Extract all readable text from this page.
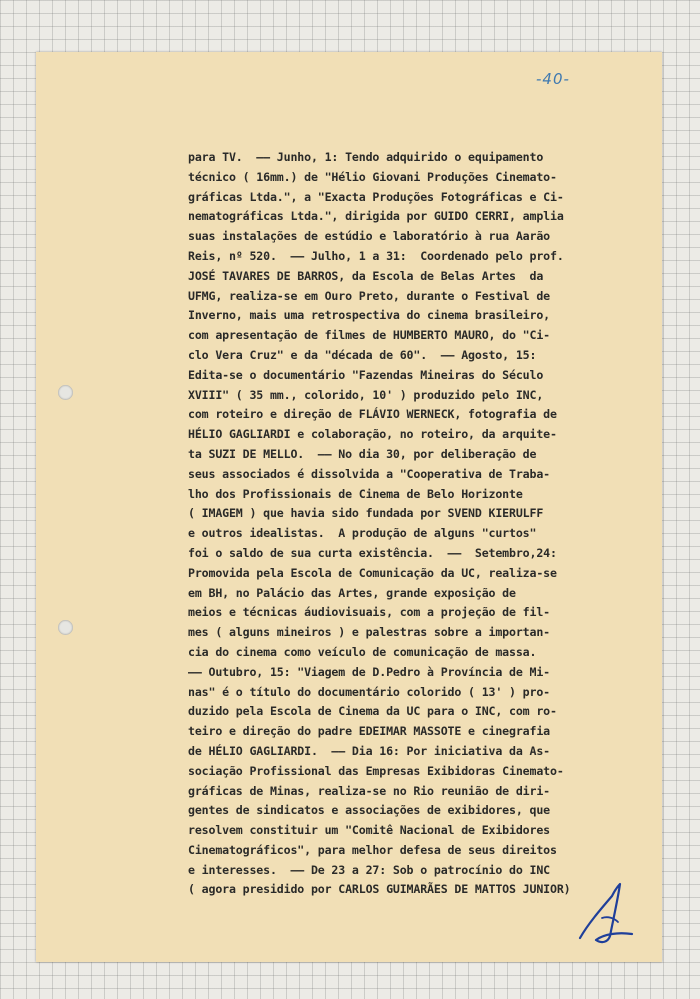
-40-
para TV.  —— Junho, 1: Tendo adquirido o equipamento
técnico ( 16mm.) de "Hélio Giovani Produções Cinemato-
gráficas Ltda.", a "Exacta Produções Fotográficas e Ci-
nematográficas Ltda.", dirigida por GUIDO CERRI, amplia
suas instalações de estúdio e laboratório à rua Aarão
Reis, nº 520.  —— Julho, 1 a 31:  Coordenado pelo prof.
JOSÉ TAVARES DE BARROS, da Escola de Belas Artes  da
UFMG, realiza-se em Ouro Preto, durante o Festival de
Inverno, mais uma retrospectiva do cinema brasileiro,
com apresentação de filmes de HUMBERTO MAURO, do "Ci-
clo Vera Cruz" e da "década de 60".  —— Agosto, 15:
Edita-se o documentário "Fazendas Mineiras do Século
XVIII" ( 35 mm., colorido, 10' ) produzido pelo INC,
com roteiro e direção de FLÁVIO WERNECK, fotografia de
HÉLIO GAGLIARDI e colaboração, no roteiro, da arquite-
ta SUZI DE MELLO.  —— No dia 30, por deliberação de
seus associados é dissolvida a "Cooperativa de Traba-
lho dos Profissionais de Cinema de Belo Horizonte
( IMAGEM ) que havia sido fundada por SVEND KIERULFF
e outros idealistas.  A produção de alguns "curtos"
foi o saldo de sua curta existência.  ——  Setembro,24:
Promovida pela Escola de Comunicação da UC, realiza-se
em BH, no Palácio das Artes, grande exposição de
meios e técnicas áudiovisuais, com a projeção de fil-
mes ( alguns mineiros ) e palestras sobre a importan-
cia do cinema como veículo de comunicação de massa.
—— Outubro, 15: "Viagem de D.Pedro à Província de Mi-
nas" é o título do documentário colorido ( 13' ) pro-
duzido pela Escola de Cinema da UC para o INC, com ro-
teiro e direção do padre EDEIMAR MASSOTE e cinegrafia
de HÉLIO GAGLIARDI.  —— Dia 16: Por iniciativa da As-
sociação Profissional das Empresas Exibidoras Cinemato-
gráficas de Minas, realiza-se no Rio reunião de diri-
gentes de sindicatos e associações de exibidores, que
resolvem constituir um "Comitê Nacional de Exibidores
Cinematográficos", para melhor defesa de seus direitos
e interesses.  —— De 23 a 27: Sob o patrocínio do INC
( agora presidido por CARLOS GUIMARÃES DE MATTOS JUNIOR)
